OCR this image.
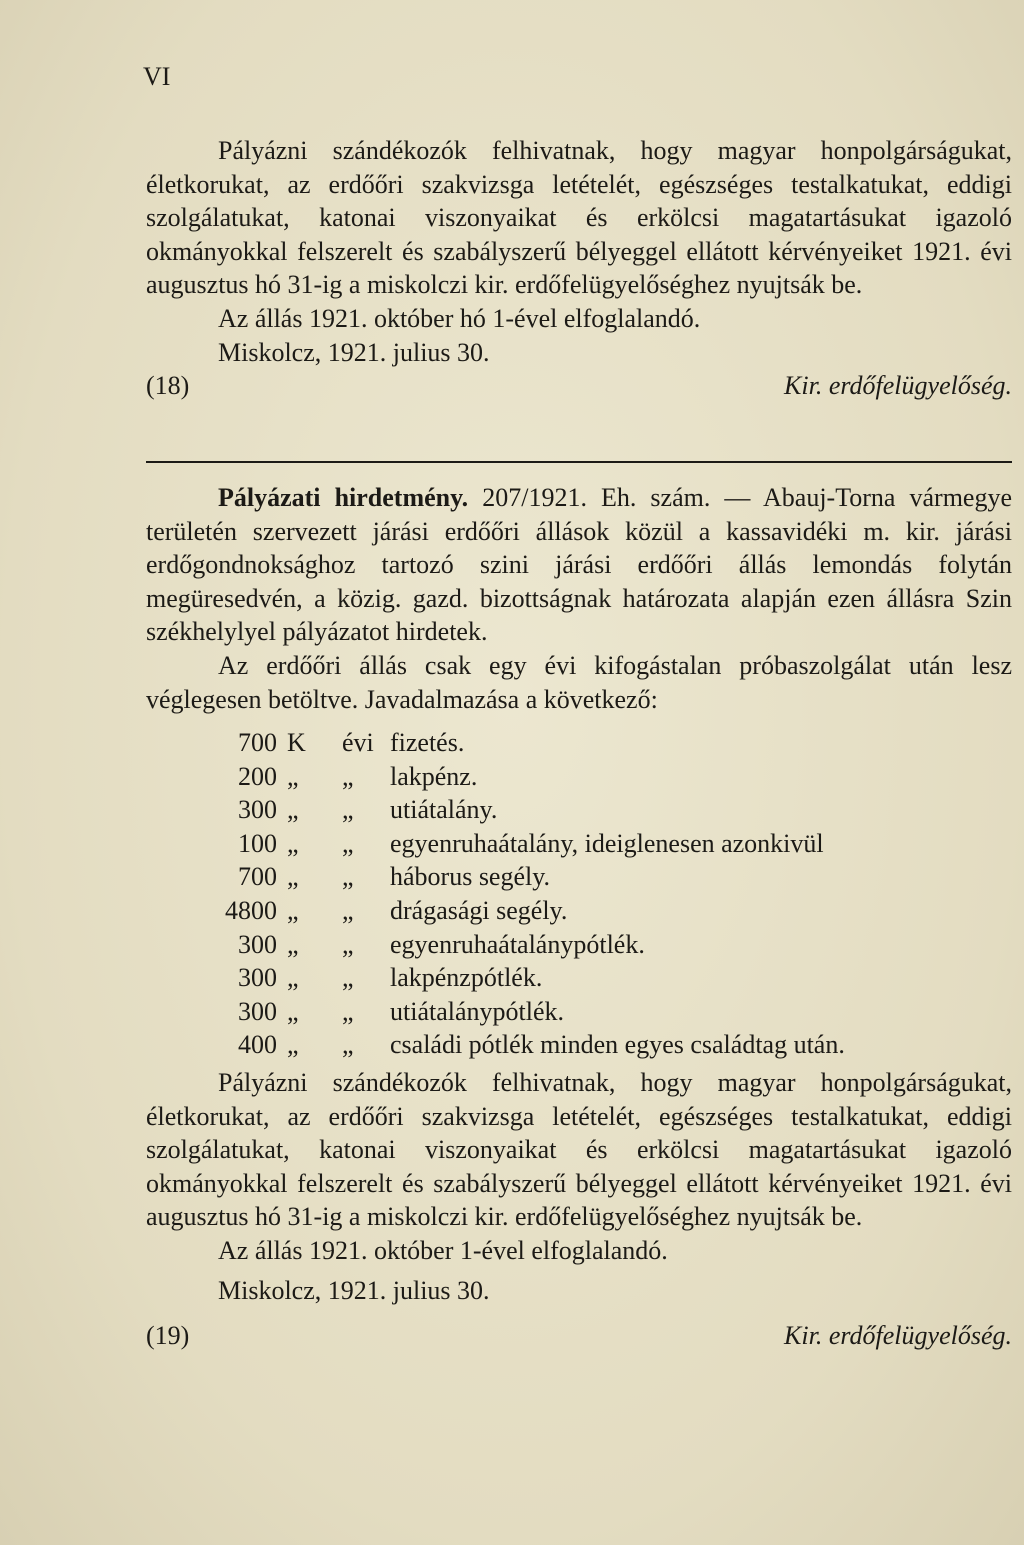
VI

Pályázni szándékozók felhivatnak, hogy magyar honpolgárságukat, életkorukat, az erdőőri szakvizsga letételét, egészséges testalkatukat, eddigi szolgálatukat, katonai viszonyaikat és erkölcsi magatartásukat igazoló okmányokkal felszerelt és szabályszerű bélyeggel ellátott kérvényeiket 1921. évi augusztus hó 31-ig a miskolczi kir. erdőfelügyelőséghez nyujtsák be.

Az állás 1921. október hó 1-ével elfoglalandó.
Miskolcz, 1921. julius 30.
(18)	Kir. erdőfelügyelőség.

Pályázati hirdetmény. 207/1921. Eh. szám. — Abauj-Torna vármegye területén szervezett járási erdőőri állások közül a kassavidéki m. kir. járási erdőgondnoksághoz tartozó szini járási erdőőri állás lemondás folytán megüresedvén, a közig. gazd. bizottságnak határozata alapján ezen állásra Szin székhelylyel pályázatot hirdetek.

Az erdőőri állás csak egy évi kifogástalan próbaszolgálat után lesz véglegesen betöltve. Javadalmazása a következő:

700 K	évi fizetés.
200 „	„	lakpénz.
300 „	„	utiátalány.
100 „	„	egyenruhaátalány, ideiglenesen azonkivül
700 „	„	háborus segély.
4800 „	„	drágasági segély.
300 „	„	egyenruhaátalánypótlék.
300 „	„	lakpénzpótlék.
300 „	„	utiátalánypótlék.
400 „	„	családi pótlék minden egyes családtag után.

Pályázni szándékozók felhivatnak, hogy magyar honpolgárságukat, életkorukat, az erdőőri szakvizsga letételét, egészséges testalkatukat, eddigi szolgálatukat, katonai viszonyaikat és erkölcsi magatartásukat igazoló okmányokkal felszerelt és szabályszerű bélyeggel ellátott kérvényeiket 1921. évi augusztus hó 31-ig a miskolczi kir. erdőfelügyelőséghez nyujtsák be.

Az állás 1921. október 1-ével elfoglalandó.
Miskolcz, 1921. julius 30.
(19)	Kir. erdőfelügyelőség.
